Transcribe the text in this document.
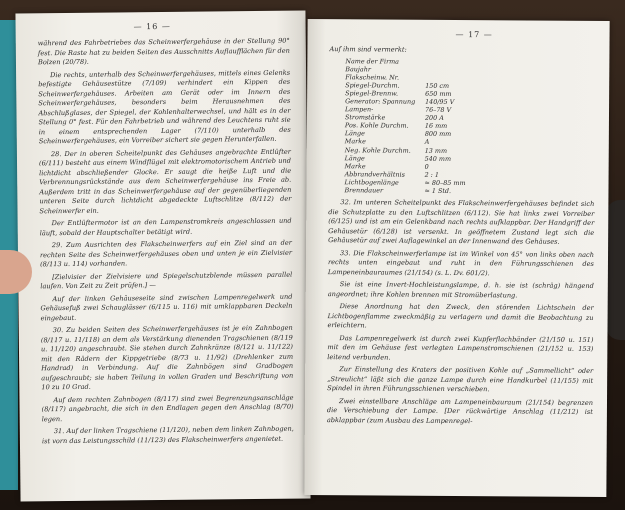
— 16 —

während des Fahrbetriebes das Scheinwerfergehäuse in der Stellung 90° fest. Die Raste hat zu beiden Seiten des Ausschnitts Auflaufflächen für den Bolzen (20/78).

Die rechts, unterhalb des Scheinwerfergehäuses, mittels eines Gelenks befestigte Gehäusestütze (7/109) verhindert ein Kippen des Scheinwerfergehäuses. Arbeiten am Gerät oder im Innern des Scheinwerfergehäuses, besonders beim Herausnehmen des Abschlußglases, der Spiegel, der Kohlenhalterwechsel, und hält es in der Stellung 0° fest. Für den Fahrbetrieb und während des Leuchtens ruht sie in einem entsprechenden Lager (7/110) unterhalb des Scheinwerfergehäuses, ein Vorreiber sichert sie gegen Herunterfallen.

28. Der in oberen Scheitelpunkt des Gehäuses angebrachte Entlüfter (6/111) besteht aus einem Windflügel mit elektromotorischem Antrieb und lichtdicht abschließender Glocke. Er saugt die heiße Luft und die Verbrennungsrückstände aus dem Scheinwerfergehäuse ins Freie ab. Außerdem tritt in das Scheinwerfergehäuse auf der gegenüberliegenden unteren Seite durch lichtdicht abgedeckte Luftschlitze (8/112) der Scheinwerfer ein.

Der Entlüftermotor ist an den Lampenstromkreis angeschlossen und läuft, sobald der Hauptschalter betätigt wird.

29. Zum Ausrichten des Flakscheinwerfers auf ein Ziel sind an der rechten Seite des Scheinwerfergehäuses oben und unten je ein Zielvisier (8/113 u. 114) vorhanden.

[Zielvisier der Zielvisiere und Spiegelschutzblende müssen parallel laufen. Von Zeit zu Zeit prüfen.] —

Auf der linken Gehäuseseite sind zwischen Lampenregelwerk und Gehäusefuß zwei Schauglässer (6/115 u. 116) mit umklappbaren Deckeln eingebaut.

30. Zu beiden Seiten des Scheinwerfergehäuses ist je ein Zahnbogen (8/117 u. 11/118) an dem als Verstärkung dienenden Tragschienen (8/119 u. 11/120) angeschraubt. Sie stehen durch Zahnkränze (8/121 u. 11/122) mit den Rädern der Kippgetriebe (8/73 u. 11/92) (Drehlenker zum Handrad) in Verbindung. Auf die Zahnbögen sind Gradbogen aufgeschraubt; sie haben Teilung in vollen Graden und Beschriftung von 10 zu 10 Grad.

Auf dem rechten Zahnbogen (8/117) sind zwei Begrenzungsanschläge (8/117) angebracht, die sich in den Endlagen gegen den Anschlag (8/70) legen.

31. Auf der linken Tragschiene (11/120), neben dem linken Zahnbogen, ist vorn das Leistungsschild (11/123) des Flakscheinwerfers angenietet.

— 17 —
Auf ihm sind vermerkt:
Name der Firma
Baujahr
Flakscheinw. Nr.
Spiegel-Durchm.	150 cm
Spiegel-Brennw.	650 mm
Generator: Spannung	140/95 V
Lampen-	76–78 V
Stromstärke	200 A
Pos. Kohle Durchm.	16 mm
Länge	800 mm
Marke	A
Neg. Kohle Durchm.	13 mm
Länge	540 mm
Marke	0
Abbrandverhältnis	2 : 1
Lichtbogenlänge	≈ 80–85 mm
Brenndauer	≈ 1 Std.

32. Im unteren Scheitelpunkt des Flakscheinwerfergehäuses befindet sich die Schutzplatte zu den Luftschlitzen (6/112). Sie hat links zwei Vorreiber (6/125) und ist am ein Gelenkband nach rechts aufklappbar. Der Handgriff der Gehäusetür (6/128) ist versenkt. In geöffnetem Zustand legt sich die Gehäusetür auf zwei Auflagewinkel an der Innenwand des Gehäuses.

33. Die Flakscheinwerferlampe ist im Winkel von 45° von links oben nach rechts unten eingebaut und ruht in den Führungsschienen des Lampeneinbauraumes (21/154) (s. L. Dv. 601/2).

Sie ist eine Invert-Hochleistungslampe, d. h. sie ist (schräg) hängend angeordnet; ihre Kohlen brennen mit Stromüberlastung.

Diese Anordnung hat den Zweck, den störenden Lichtschein der Lichtbogenflamme zweckmäßig zu verlagern und damit die Beobachtung zu erleichtern.

Das Lampenregelwerk ist durch zwei Kupferflachbänder (21/150 u. 151) mit den im Gehäuse fest verlegten Lampenstromschienen (21/152 u. 153) leitend verbunden.

Zur Einstellung des Kraters der positiven Kohle auf „Sammellicht“ oder „Streulicht“ läßt sich die ganze Lampe durch eine Handkurbel (11/155) mit Spindel in ihren Führungsschienen verschieben.

Zwei einstellbare Anschläge am Lampeneinbauraum (21/154) begrenzen die Verschiebung der Lampe. [Der rückwärtige Anschlag (11/212) ist abklappbar (zum Ausbau des Lampenregel-
